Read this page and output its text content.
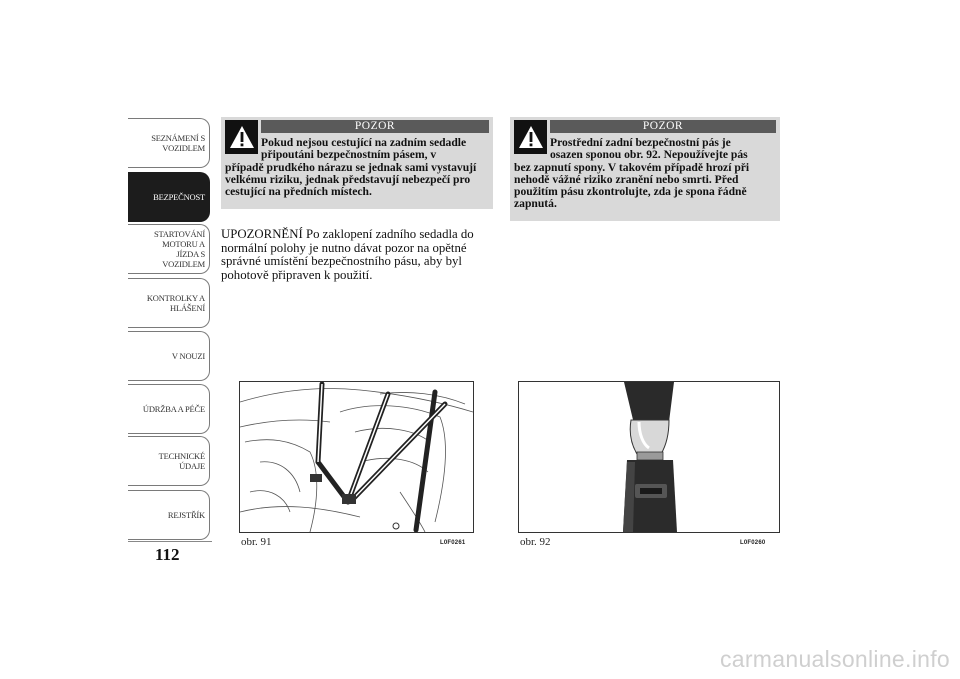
SEZNÁMENÍ S VOZIDLEM
BEZPEČNOST
STARTOVÁNÍ MOTORU A JÍZDA S VOZIDLEM
KONTROLKY A HLÁŠENÍ
V NOUZI
ÚDRŽBA A PÉČE
TECHNICKÉ ÚDAJE
REJSTŘÍK
112
POZOR
Pokud nejsou cestující na zadním sedadle
připoutáni bezpečnostním pásem, v
případě prudkého nárazu se jednak sami vystavují velkému riziku, jednak představují nebezpečí pro cestující na předních místech.
POZOR
Prostřední zadní bezpečnostní pás je
osazen sponou obr. 92. Nepoužívejte pás
bez zapnutí spony. V takovém případě hrozí při nehodě vážné riziko zranění nebo smrti. Před použitím pásu zkontrolujte, zda je spona řádně zapnutá.
UPOZORNĚNÍ Po zaklopení zadního sedadla do normální polohy je nutno dávat pozor na opětné správné umístění bezpečnostního pásu, aby byl pohotově připraven k použití.
obr. 91	L0F0261	obr. 92	L0F0260
carmanualsonline.info
